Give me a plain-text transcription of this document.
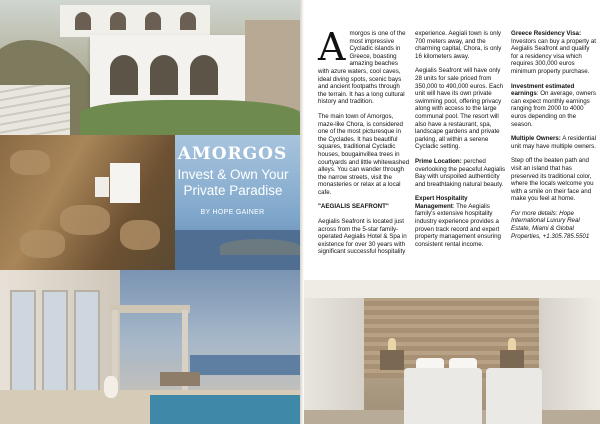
AMORGOS
Invest & Own Your
Private Paradise
BY HOPE GAINER

Amorgos is one of the most impressive Cycladic islands in Greece, boasting amazing beaches with azure waters, cool caves, ideal diving spots, scenic bays and ancient footpaths through the terrain. It has a long cultural history and tradition.

The main town of Amorgos, maze-like Chora, is considered one of the most picturesque in the Cyclades. It has beautiful squares, traditional Cycladic houses, bougainvillea trees in courtyards and little whitewashed alleys. You can wander through the narrow streets, visit the monasteries or relax at a local cafe.

"AEGIALIS SEAFRONT"

Aegialis Seafront is located just across from the 5-star family-operated Aegialis Hotel & Spa in existence for over 30 years with significant successful hospitality

experience. Aegiali town is only 700 meters away, and the charming capital, Chora, is only 16 kilometers away.

Aegialis Seafront will have only 28 units for sale priced from 350,000 to 490,000 euros. Each unit will have its own private swimming pool, offering privacy along with access to the large communal pool. The resort will also have a restaurant, spa, landscape gardens and private parking, all within a serene Cycladic setting.

Prime Location: perched overlooking the peaceful Aegialis Bay with unspoiled authenticity and breathtaking natural beauty.

Expert Hospitality Management: The Aegialis family's extensive hospitality industry experience provides a proven track record and expert property management ensuring consistent rental income.

Greece Residency Visa: Investors can buy a property at Aegialis Seafront and qualify for a residency visa which requires 300,000 euros minimum property purchase.

Investment estimated earnings: On average, owners can expect monthly earnings ranging from 2000 to 4000 euros depending on the season.

Multiple Owners: A residential unit may have multiple owners.

Step off the beaten path and visit an island that has preserved its traditional color, where the locals welcome you with a smile on their face and make you feel at home.

For more details: Hope International Luxury Real Estate, Miami & Global Properties, +1.305.785.5501
